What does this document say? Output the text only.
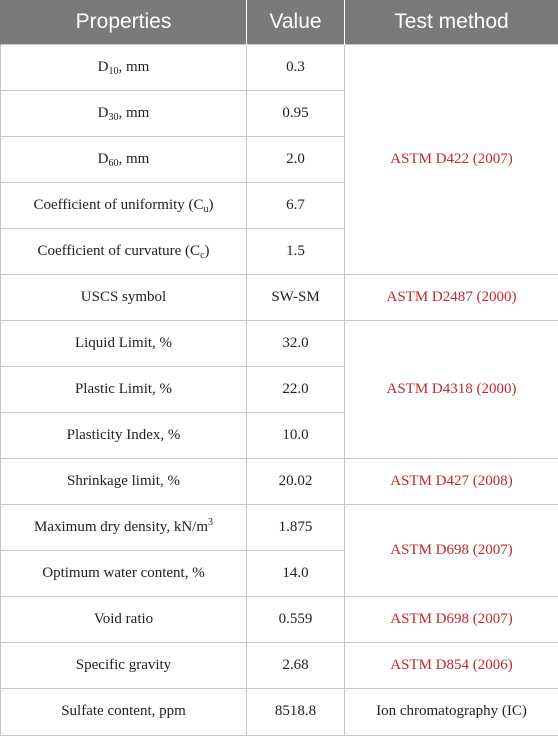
Properties	Value	Test method
$D_{10}$, mm	0.3	ASTM D422 (2007)
$D_{30}$, mm	0.95	
$D_{60}$, mm	2.0	
Coefficient of uniformity $(C_u)$	6.7	
Coefficient of curvature $(C_c)$	1.5	
USCS symbol	SW-SM	ASTM D2487 (2000)
Liquid Limit, %	32.0	ASTM D4318 (2000)
Plastic Limit, %	22.0	
Plasticity Index, %	10.0	
Shrinkage limit, %	20.02	ASTM D427 (2008)
Maximum dry density, $kN/m^3$	1.875	ASTM D698 (2007)
Optimum water content, %	14.0	
Void ratio	0.559	ASTM D698 (2007)
Specific gravity	2.68	ASTM D854 (2006)
Sulfate content, ppm	8518.8	Ion chromatography (IC)
